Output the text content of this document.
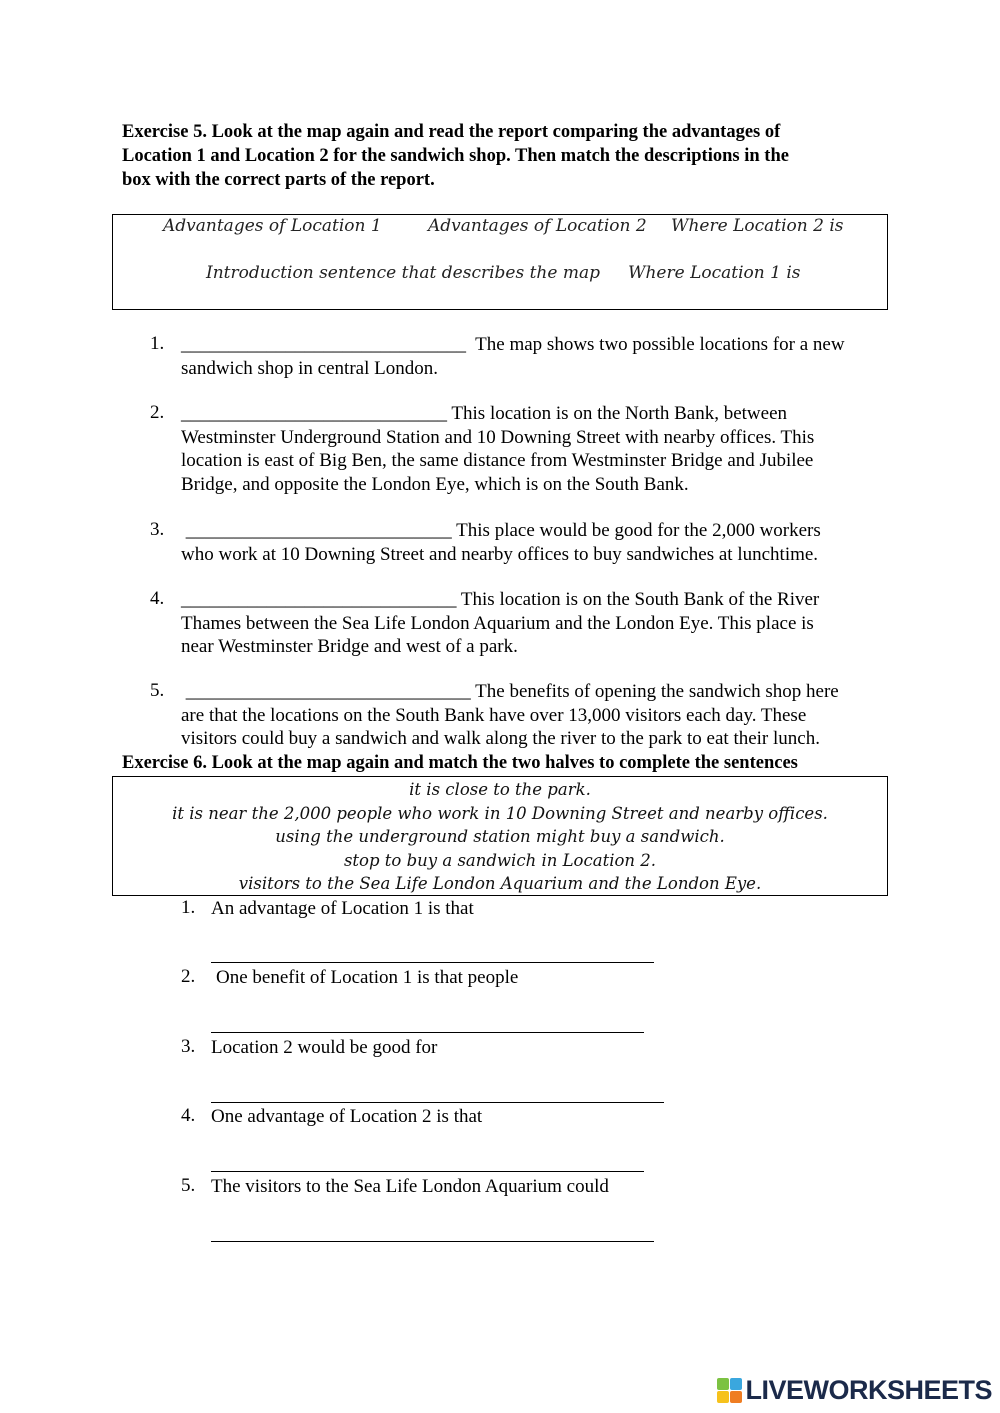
Exercise 5. Look at the map again and read the report comparing the advantages of
Location 1 and Location 2 for the sandwich shop. Then match the descriptions in the
box with the correct parts of the report.
Advantages of Location 1	Advantages of Location 2 Where Location 2 is
Introduction sentence that describes the map Where Location 1 is
1. ______________________________ The map shows two possible locations for a new
sandwich shop in central London.
2. ____________________________ This location is on the North Bank, between
Westminster Underground Station and 10 Downing Street with nearby offices. This
location is east of Big Ben, the same distance from Westminster Bridge and Jubilee
Bridge, and opposite the London Eye, which is on the South Bank.
3. ____________________________ This place would be good for the 2,000 workers
who work at 10 Downing Street and nearby offices to buy sandwiches at lunchtime.
4. _____________________________ This location is on the South Bank of the River
Thames between the Sea Life London Aquarium and the London Eye. This place is
near Westminster Bridge and west of a park.
5. ______________________________ The benefits of opening the sandwich shop here
are that the locations on the South Bank have over 13,000 visitors each day. These
visitors could buy a sandwich and walk along the river to the park to eat their lunch.
Exercise 6. Look at the map again and match the two halves to complete the sentences
it is close to the park.
it is near the 2,000 people who work in 10 Downing Street and nearby offices.
using the underground station might buy a sandwich.
stop to buy a sandwich in Location 2.
visitors to the Sea Life London Aquarium and the London Eye.
1. An advantage of Location 1 is that
2. One benefit of Location 1 is that people
3. Location 2 would be good for
4. One advantage of Location 2 is that
5. The visitors to the Sea Life London Aquarium could
LIVEWORKSHEETS
